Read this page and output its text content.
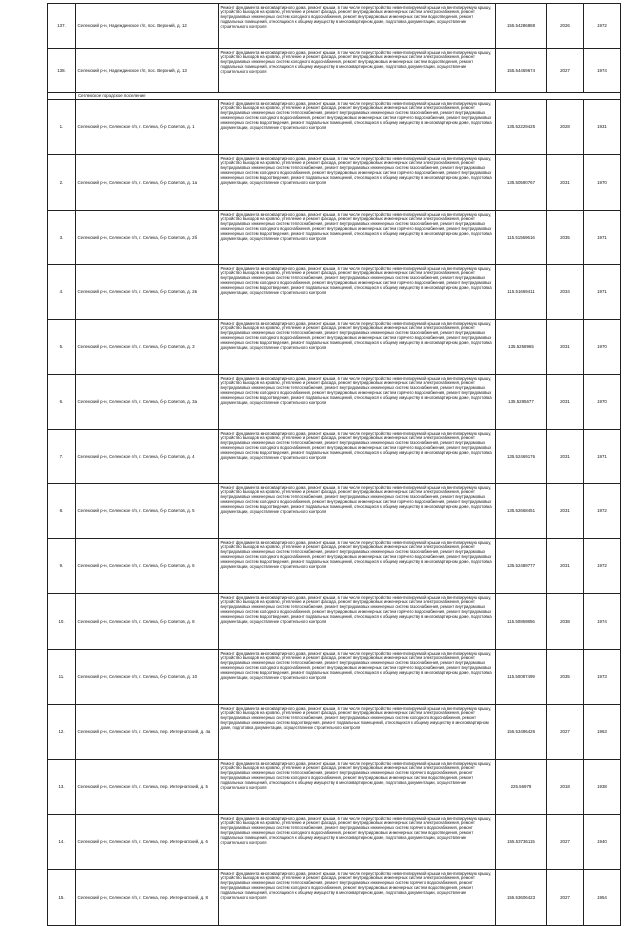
137.	Селекский р-н, Надеждинское г/п, пос. Верхний, д. 12	Ремонт фундамента многоквартирного дома, ремонт крыши, в том числе переустройство невентилируемой крыши на вентилируемую крышу, устройство выходов на кровлю, утепление и ремонт фасада, ремонт внутридомовых инженерных систем электроснабжения, ремонт внутридомовых инженерных систем холодного водоснабжения, ремонт внутридомовых инженерных систем водоотведения, ремонт подвальных помещений, относящихся к общему имуществу в многоквартирном доме, подготовка документации, осуществление строительного контроля	155.54286888	2026	1972
138.	Селекский р-н, Надеждинское г/п, пос. Верхний, д. 13	Ремонт фундамента многоквартирного дома, ремонт крыши, в том числе переустройство невентилируемой крыши на вентилируемую крышу, устройство выходов на кровлю, утепление и ремонт фасада, ремонт внутридомовых инженерных систем электроснабжения, ремонт внутридомовых инженерных систем холодного водоснабжения, ремонт внутридомовых инженерных систем водоотведения, ремонт подвальных помещений, относящихся к общему имуществу в многоквартирном доме, подготовка документации, осуществление строительного контроля	155.54469674	2027	1974
	Сеглекское городское поселение				
1.	Селекский р-н, Селекское г/п, г. Селека, б-р Советов, д. 1	Ремонт фундамента многоквартирного дома, ремонт крыши, в том числе переустройство невентилируемой крыши на вентилируемую крышу, устройство выходов на кровлю, утепление и ремонт фасада, ремонт внутридомовых инженерных систем электроснабжения, ремонт внутридомовых инженерных систем теплоснабжения, ремонт внутридомовых инженерных систем газоснабжения, ремонт внутридомовых инженерных систем холодного водоснабжения, ремонт внутридомовых инженерных систем горячего водоснабжения, ремонт внутридомовых инженерных систем водоотведения, ремонт подвальных помещений, относящихся к общему имуществу в многоквартирном доме, подготовка документации, осуществление строительного контроля	135.52229425	2028	1931
2.	Селекский р-н, Селекское г/п, г. Селека, б-р Советов, д. 1а	Ремонт фундамента многоквартирного дома, ремонт крыши, в том числе переустройство невентилируемой крыши на вентилируемую крышу, устройство выходов на кровлю, утепление и ремонт фасада, ремонт внутридомовых инженерных систем электроснабжения, ремонт внутридомовых инженерных систем теплоснабжения, ремонт внутридомовых инженерных систем газоснабжения, ремонт внутридомовых инженерных систем холодного водоснабжения, ремонт внутридомовых инженерных систем горячего водоснабжения, ремонт внутридомовых инженерных систем водоотведения, ремонт подвальных помещений, относящихся к общему имуществу в многоквартирном доме, подготовка документации, осуществление строительного контроля	135.50590767	2031	1970
3.	Селекский р-н, Селекское г/п, г. Селека, б-р Советов, д. 2б	Ремонт фундамента многоквартирного дома, ремонт крыши, в том числе переустройство невентилируемой крыши на вентилируемую крышу, устройство выходов на кровлю, утепление и ремонт фасада, ремонт внутридомовых инженерных систем электроснабжения, ремонт внутридомовых инженерных систем теплоснабжения, ремонт внутридомовых инженерных систем газоснабжения, ремонт внутридомовых инженерных систем холодного водоснабжения, ремонт внутридомовых инженерных систем горячего водоснабжения, ремонт внутридомовых инженерных систем водоотведения, ремонт подвальных помещений, относящихся к общему имуществу в многоквартирном доме, подготовка документации, осуществление строительного контроля	115.51569616	2035	1971
4.	Селекский р-н, Селекское г/п, г. Селека, б-р Советов, д. 2в	Ремонт фундамента многоквартирного дома, ремонт крыши, в том числе переустройство невентилируемой крыши на вентилируемую крышу, устройство выходов на кровлю, утепление и ремонт фасада, ремонт внутридомовых инженерных систем электроснабжения, ремонт внутридомовых инженерных систем теплоснабжения, ремонт внутридомовых инженерных систем газоснабжения, ремонт внутридомовых инженерных систем холодного водоснабжения, ремонт внутридомовых инженерных систем горячего водоснабжения, ремонт внутридомовых инженерных систем водоотведения, ремонт подвальных помещений, относящихся к общему имуществу в многоквартирном доме, подготовка документации, осуществление строительного контроля	115.51669411	2034	1971
5.	Селекский р-н, Селекское г/п, г. Селека, б-р Советов, д. 3	Ремонт фундамента многоквартирного дома, ремонт крыши, в том числе переустройство невентилируемой крыши на вентилируемую крышу, устройство выходов на кровлю, утепление и ремонт фасада, ремонт внутридомовых инженерных систем электроснабжения, ремонт внутридомовых инженерных систем теплоснабжения, ремонт внутридомовых инженерных систем газоснабжения, ремонт внутридомовых инженерных систем холодного водоснабжения, ремонт внутридомовых инженерных систем горячего водоснабжения, ремонт внутридомовых инженерных систем водоотведения, ремонт подвальных помещений, относящихся к общему имуществу в многоквартирном доме, подготовка документации, осуществление строительного контроля	135.5258965	2031	1970
6.	Селекский р-н, Селекское г/п, г. Селека, б-р Советов, д. 3а	Ремонт фундамента многоквартирного дома, ремонт крыши, в том числе переустройство невентилируемой крыши на вентилируемую крышу, устройство выходов на кровлю, утепление и ремонт фасада, ремонт внутридомовых инженерных систем электроснабжения, ремонт внутридомовых инженерных систем теплоснабжения, ремонт внутридомовых инженерных систем газоснабжения, ремонт внутридомовых инженерных систем холодного водоснабжения, ремонт внутридомовых инженерных систем горячего водоснабжения, ремонт внутридомовых инженерных систем водоотведения, ремонт подвальных помещений, относящихся к общему имуществу в многоквартирном доме, подготовка документации, осуществление строительного контроля	135.5285677	2031	1970
7.	Селекский р-н, Селекское г/п, г. Селека, б-р Советов, д. 4	Ремонт фундамента многоквартирного дома, ремонт крыши, в том числе переустройство невентилируемой крыши на вентилируемую крышу, устройство выходов на кровлю, утепление и ремонт фасада, ремонт внутридомовых инженерных систем электроснабжения, ремонт внутридомовых инженерных систем теплоснабжения, ремонт внутридомовых инженерных систем газоснабжения, ремонт внутридомовых инженерных систем холодного водоснабжения, ремонт внутридомовых инженерных систем горячего водоснабжения, ремонт внутридомовых инженерных систем водоотведения, ремонт подвальных помещений, относящихся к общему имуществу в многоквартирном доме, подготовка документации, осуществление строительного контроля	135.52469176	2031	1971
8.	Селекский р-н, Селекское г/п, г. Селека, б-р Советов, д. 5	Ремонт фундамента многоквартирного дома, ремонт крыши, в том числе переустройство невентилируемой крыши на вентилируемую крышу, устройство выходов на кровлю, утепление и ремонт фасада, ремонт внутридомовых инженерных систем электроснабжения, ремонт внутридомовых инженерных систем теплоснабжения, ремонт внутридомовых инженерных систем газоснабжения, ремонт внутридомовых инженерных систем холодного водоснабжения, ремонт внутридомовых инженерных систем горячего водоснабжения, ремонт внутридомовых инженерных систем водоотведения, ремонт подвальных помещений, относящихся к общему имуществу в многоквартирном доме, подготовка документации, осуществление строительного контроля	135.52668451	2031	1972
9.	Селекский р-н, Селекское г/п, г. Селека, б-р Советов, д. 6	Ремонт фундамента многоквартирного дома, ремонт крыши, в том числе переустройство невентилируемой крыши на вентилируемую крышу, устройство выходов на кровлю, утепление и ремонт фасада, ремонт внутридомовых инженерных систем электроснабжения, ремонт внутридомовых инженерных систем теплоснабжения, ремонт внутридомовых инженерных систем газоснабжения, ремонт внутридомовых инженерных систем холодного водоснабжения, ремонт внутридомовых инженерных систем горячего водоснабжения, ремонт внутридомовых инженерных систем водоотведения, ремонт подвальных помещений, относящихся к общему имуществу в многоквартирном доме, подготовка документации, осуществление строительного контроля	135.52489777	2031	1972
10.	Селекский р-н, Селекское г/п, г. Селека, б-р Советов, д. 8	Ремонт фундамента многоквартирного дома, ремонт крыши, в том числе переустройство невентилируемой крыши на вентилируемую крышу, устройство выходов на кровлю, утепление и ремонт фасада, ремонт внутридомовых инженерных систем электроснабжения, ремонт внутридомовых инженерных систем теплоснабжения, ремонт внутридомовых инженерных систем газоснабжения, ремонт внутридомовых инженерных систем холодного водоснабжения, ремонт внутридомовых инженерных систем горячего водоснабжения, ремонт внутридомовых инженерных систем водоотведения, ремонт подвальных помещений, относящихся к общему имуществу в многоквартирном доме, подготовка документации, осуществление строительного контроля	115.50869856	2038	1974
11.	Селекский р-н, Селекское г/п, г. Селека, б-р Советов, д. 10	Ремонт фундамента многоквартирного дома, ремонт крыши, в том числе переустройство невентилируемой крыши на вентилируемую крышу, устройство выходов на кровлю, утепление и ремонт фасада, ремонт внутридомовых инженерных систем электроснабжения, ремонт внутридомовых инженерных систем теплоснабжения, ремонт внутридомовых инженерных систем газоснабжения, ремонт внутридомовых инженерных систем холодного водоснабжения, ремонт внутридомовых инженерных систем горячего водоснабжения, ремонт внутридомовых инженерных систем водоотведения, ремонт подвальных помещений, относящихся к общему имуществу в многоквартирном доме, подготовка документации, осуществление строительного контроля	115.50087499	2035	1973
12.	Селекский р-н, Селекское г/п, г. Селека, пер. Интернатский, д. 4а	Ремонт фундамента многоквартирного дома, ремонт крыши, в том числе переустройство невентилируемой крыши на вентилируемую крышу, устройство выходов на кровлю, утепление и ремонт фасада, ремонт внутридомовых инженерных систем электроснабжения, ремонт внутридомовых инженерных систем теплоснабжения, ремонт внутридомовых инженерных систем холодного водоснабжения, ремонт внутридомовых инженерных систем водоотведения, ремонт подвальных помещений, относящихся к общему имуществу в многоквартирном доме, подготовка документации, осуществление строительного контроля	155.53496426	2027	1963
13.	Селекский р-н, Селекское г/п, г. Селека, пер. Интернатский, д. 5	Ремонт фундамента многоквартирного дома, ремонт крыши, в том числе переустройство невентилируемой крыши на вентилируемую крышу, устройство выходов на кровлю, утепление и ремонт фасада, ремонт внутридомовых инженерных систем электроснабжения, ремонт внутридомовых инженерных систем теплоснабжения, ремонт внутридомовых инженерных систем горячего водоснабжения, ремонт внутридомовых инженерных систем холодного водоснабжения, ремонт внутридомовых инженерных систем водоотведения, ремонт подвальных помещений, относящихся к общему имуществу в многоквартирном доме, подготовка документации, осуществление строительного контроля	225.56979	2018	1938
14.	Селекский р-н, Селекское г/п, г. Селека, пер. Интернатский, д. 6	Ремонт фундамента многоквартирного дома, ремонт крыши, в том числе переустройство невентилируемой крыши на вентилируемую крышу, устройство выходов на кровлю, утепление и ремонт фасада, ремонт внутридомовых инженерных систем электроснабжения, ремонт внутридомовых инженерных систем теплоснабжения, ремонт внутридомовых инженерных систем горячего водоснабжения, ремонт внутридомовых инженерных систем холодного водоснабжения, ремонт внутридомовых инженерных систем водоотведения, ремонт подвальных помещений, относящихся к общему имуществу в многоквартирном доме, подготовка документации, осуществление строительного контроля	155.53736115	2027	1940
15.	Селекский р-н, Селекское г/п, г. Селека, пер. Интернатский, д. 8	Ремонт фундамента многоквартирного дома, ремонт крыши, в том числе переустройство невентилируемой крыши на вентилируемую крышу, устройство выходов на кровлю, утепление и ремонт фасада, ремонт внутридомовых инженерных систем электроснабжения, ремонт внутридомовых инженерных систем теплоснабжения, ремонт внутридомовых инженерных систем горячего водоснабжения, ремонт внутридомовых инженерных систем холодного водоснабжения, ремонт внутридомовых инженерных систем водоотведения, ремонт подвальных помещений, относящихся к общему имуществу в многоквартирном доме, подготовка документации, осуществление строительного контроля	155.53606423	2027	1954
